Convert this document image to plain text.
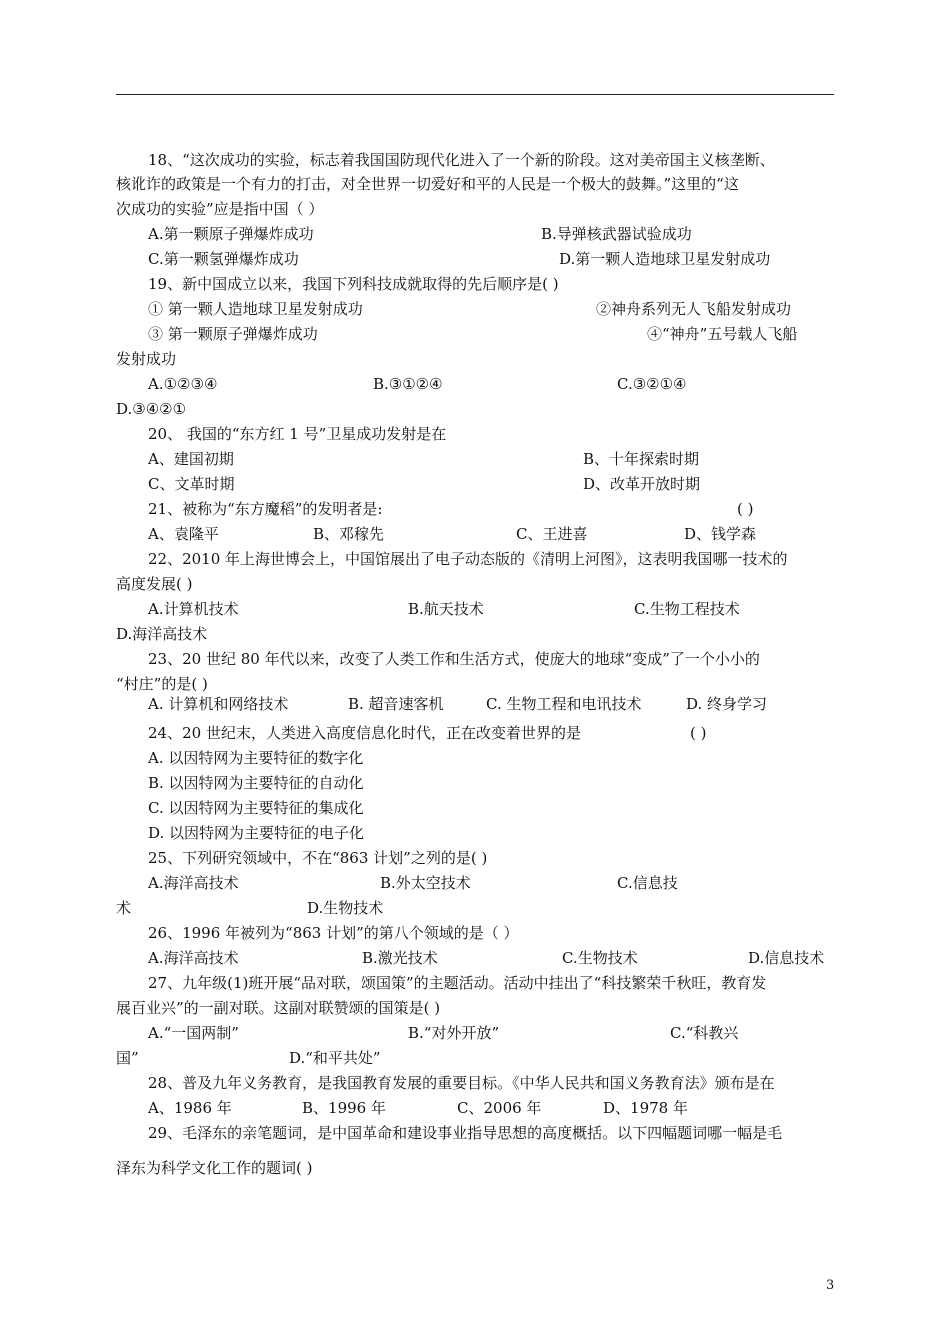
18、“这次成功的实验，标志着我国国防现代化进入了一个新的阶段。这对美帝国主义核垄断、
核讹诈的政策是一个有力的打击，对全世界一切爱好和平的人民是一个极大的鼓舞。”这里的“这
次成功的实验”应是指中国（ ）
A.第一颗原子弹爆炸成功	B.导弹核武器试验成功
C.第一颗氢弹爆炸成功	D.第一颗人造地球卫星发射成功
19、新中国成立以来，我国下列科技成就取得的先后顺序是( )
① 第一颗人造地球卫星发射成功	②神舟系列无人飞船发射成功
③ 第一颗原子弹爆炸成功	④“神舟”五号载人飞船
发射成功
A.①②③④	B.③①②④	C.③②①④
D.③④②①
20、 我国的“东方红 1 号”卫星成功发射是在
A、建国初期	B、十年探索时期
C、文革时期	D、改革开放时期
21、被称为“东方魔稻”的发明者是:	( )
A、袁隆平	B、邓稼先	C、王进喜	D、钱学森
22、2010 年上海世博会上，中国馆展出了电子动态版的《清明上河图》，这表明我国哪一技术的
高度发展( )
A.计算机技术	B.航天技术	C.生物工程技术
D.海洋高技术
23、20 世纪 80 年代以来，改变了人类工作和生活方式，使庞大的地球“变成”了一个小小的
“村庄”的是( )
A. 计算机和网络技术	B. 超音速客机	C. 生物工程和电讯技术	D. 终身学习
24、20 世纪末，人类进入高度信息化时代，正在改变着世界的是	( )
A. 以因特网为主要特征的数字化
B. 以因特网为主要特征的自动化
C. 以因特网为主要特征的集成化
D. 以因特网为主要特征的电子化
25、下列研究领域中，不在“863 计划”之列的是( )
A.海洋高技术	B.外太空技术	C.信息技
术	D.生物技术
26、1996 年被列为“863 计划”的第八个领域的是（ ）
A.海洋高技术	B.激光技术	C.生物技术	D.信息技术
27、九年级(1)班开展“品对联，颂国策”的主题活动。活动中挂出了“科技繁荣千秋旺，教育发
展百业兴”的一副对联。这副对联赞颂的国策是( )
A.“一国两制”	B.“对外开放”	C.“科教兴
国”	D.“和平共处”
28、普及九年义务教育，是我国教育发展的重要目标。《中华人民共和国义务教育法》颁布是在
A、1986 年	B、1996 年	C、2006 年	D、1978 年
29、毛泽东的亲笔题词，是中国革命和建设事业指导思想的高度概括。以下四幅题词哪一幅是毛
泽东为科学文化工作的题词( )
3
